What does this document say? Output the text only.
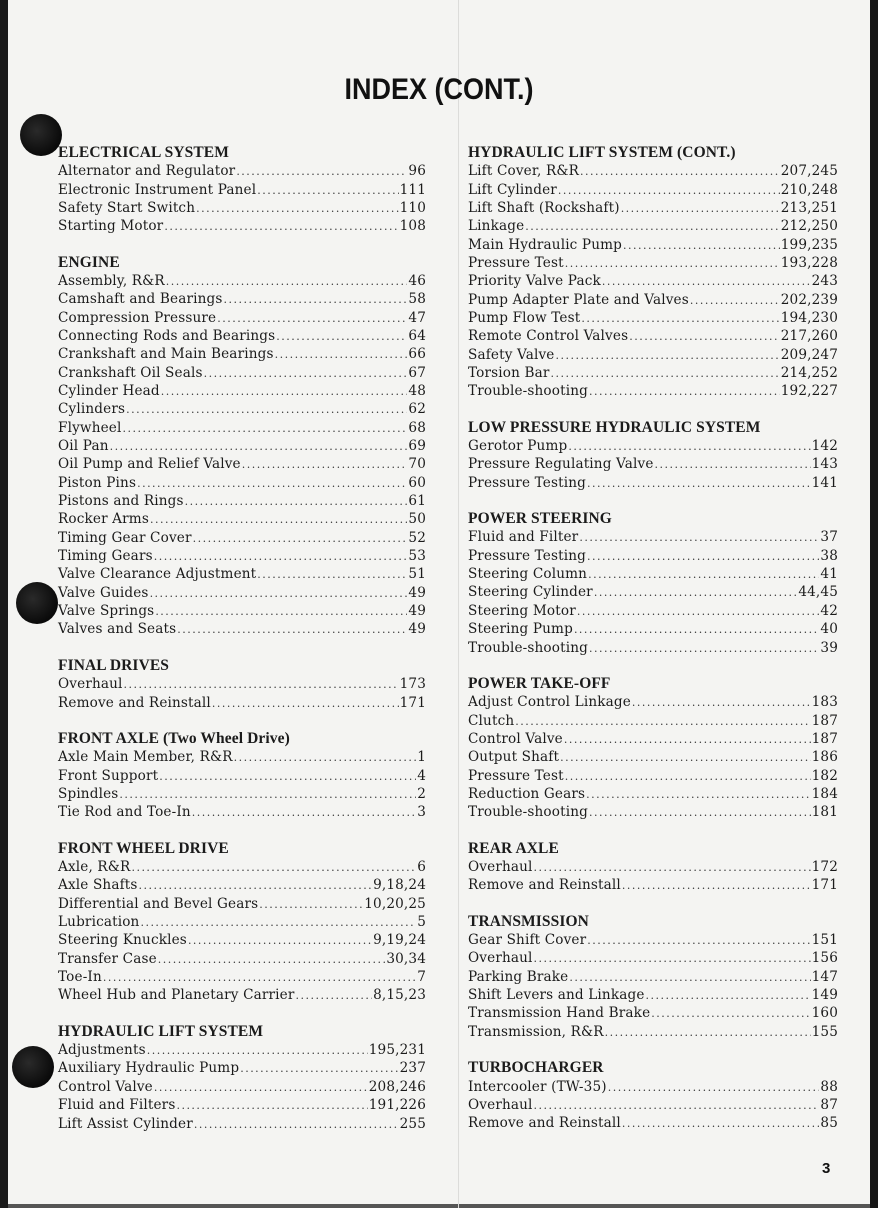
INDEX (CONT.)
ELECTRICAL SYSTEM
Alternator and Regulator . . .	96
Electronic Instrument Panel . . .	111
Safety Start Switch . . .	110
Starting Motor . . .	108
ENGINE
Assembly, R&R . . .	46
Camshaft and Bearings . . .	58
Compression Pressure . . .	47
Connecting Rods and Bearings . . .	64
Crankshaft and Main Bearings . . .	66
Crankshaft Oil Seals . . .	67
Cylinder Head . . .	48
Cylinders . . .	62
Flywheel . . .	68
Oil Pan . . .	69
Oil Pump and Relief Valve . . .	70
Piston Pins . . .	60
Pistons and Rings . . .	61
Rocker Arms . . .	50
Timing Gear Cover . . .	52
Timing Gears . . .	53
Valve Clearance Adjustment . . .	51
Valve Guides . . .	49
Valve Springs . . .	49
Valves and Seats . . .	49
FINAL DRIVES
Overhaul . . .	173
Remove and Reinstall . . .	171
FRONT AXLE (Two Wheel Drive)
Axle Main Member, R&R . . .	1
Front Support . . .	4
Spindles . . .	2
Tie Rod and Toe-In . . .	3
FRONT WHEEL DRIVE
Axle, R&R . . .	6
Axle Shafts . . .	9,18,24
Differential and Bevel Gears . . .	10,20,25
Lubrication . . .	5
Steering Knuckles . . .	9,19,24
Transfer Case . . .	30,34
Toe-In . . .	7
Wheel Hub and Planetary Carrier . . .	8,15,23
HYDRAULIC LIFT SYSTEM
Adjustments . . .	195,231
Auxiliary Hydraulic Pump . . .	237
Control Valve . . .	208,246
Fluid and Filters . . .	191,226
Lift Assist Cylinder . . .	255
HYDRAULIC LIFT SYSTEM (CONT.)
Lift Cover, R&R . . .	207,245
Lift Cylinder . . .	210,248
Lift Shaft (Rockshaft) . . .	213,251
Linkage . . .	212,250
Main Hydraulic Pump . . .	199,235
Pressure Test . . .	193,228
Priority Valve Pack . . .	243
Pump Adapter Plate and Valves . . .	202,239
Pump Flow Test . . .	194,230
Remote Control Valves . . .	217,260
Safety Valve . . .	209,247
Torsion Bar . . .	214,252
Trouble-shooting . . .	192,227
LOW PRESSURE HYDRAULIC SYSTEM
Gerotor Pump . . .	142
Pressure Regulating Valve . . .	143
Pressure Testing . . .	141
POWER STEERING
Fluid and Filter . . .	37
Pressure Testing . . .	38
Steering Column . . .	41
Steering Cylinder . . .	44,45
Steering Motor . . .	42
Steering Pump . . .	40
Trouble-shooting . . .	39
POWER TAKE-OFF
Adjust Control Linkage . . .	183
Clutch . . .	187
Control Valve . . .	187
Output Shaft . . .	186
Pressure Test . . .	182
Reduction Gears . . .	184
Trouble-shooting . . .	181
REAR AXLE
Overhaul . . .	172
Remove and Reinstall . . .	171
TRANSMISSION
Gear Shift Cover . . .	151
Overhaul . . .	156
Parking Brake . . .	147
Shift Levers and Linkage . . .	149
Transmission Hand Brake . . .	160
Transmission, R&R . . .	155
TURBOCHARGER
Intercooler (TW-35) . . .	88
Overhaul . . .	87
Remove and Reinstall . . .	85
3
